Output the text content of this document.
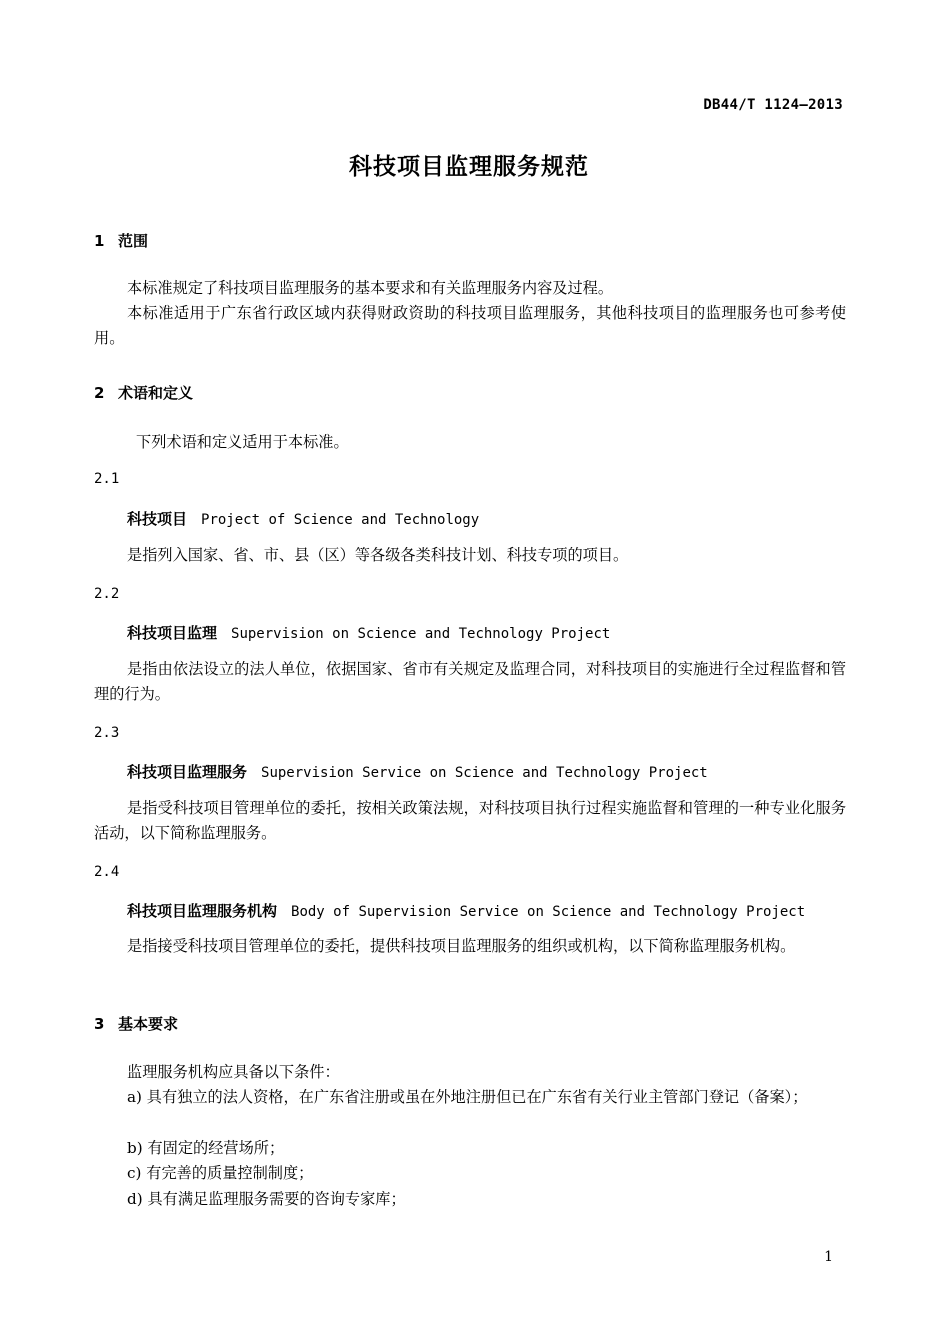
DB44/T 1124—2013
科技项目监理服务规范
1 范围
本标准规定了科技项目监理服务的基本要求和有关监理服务内容及过程。
本标准适用于广东省行政区域内获得财政资助的科技项目监理服务，其他科技项目的监理服务也可参考使用。
2 术语和定义
下列术语和定义适用于本标准。
2.1
科技项目 Project of Science and Technology
是指列入国家、省、市、县（区）等各级各类科技计划、科技专项的项目。
2.2
科技项目监理 Supervision on Science and Technology Project
是指由依法设立的法人单位，依据国家、省市有关规定及监理合同，对科技项目的实施进行全过程监督和管理的行为。
2.3
科技项目监理服务 Supervision Service on Science and Technology Project
是指受科技项目管理单位的委托，按相关政策法规，对科技项目执行过程实施监督和管理的一种专业化服务活动，以下简称监理服务。
2.4
科技项目监理服务机构 Body of Supervision Service on Science and Technology Project
是指接受科技项目管理单位的委托，提供科技项目监理服务的组织或机构，以下简称监理服务机构。
3 基本要求
监理服务机构应具备以下条件：
a) 具有独立的法人资格，在广东省注册或虽在外地注册但已在广东省有关行业主管部门登记（备案）；
b) 有固定的经营场所；
c) 有完善的质量控制制度；
d) 具有满足监理服务需要的咨询专家库；
1
